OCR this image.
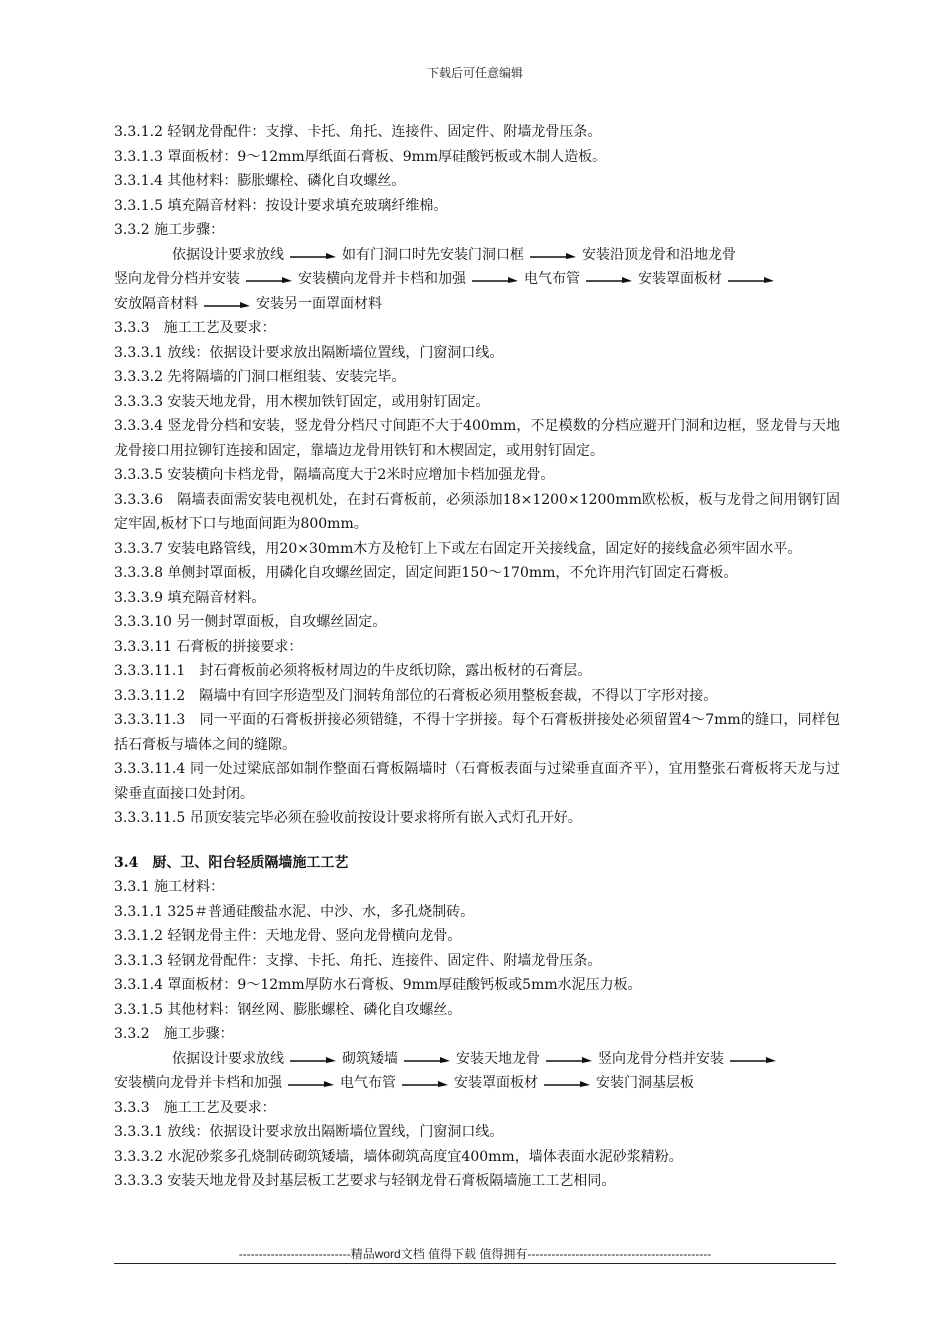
下载后可任意编辑
3.3.1.2 轻钢龙骨配件：支撑、卡托、角托、连接件、固定件、附墙龙骨压条。
3.3.1.3 罩面板材：9～12mm厚纸面石膏板、9mm厚硅酸钙板或木制人造板。
3.3.1.4 其他材料：膨胀螺栓、磷化自攻螺丝。
3.3.1.5 填充隔音材料：按设计要求填充玻璃纤维棉。
3.3.2 施工步骤：
依据设计要求放线	如有门洞口时先安装门洞口框	安装沿顶龙骨和沿地龙骨
竖向龙骨分档并安装	安装横向龙骨并卡档和加强	电气布管	安装罩面板材
安放隔音材料	安装另一面罩面材料
3.3.3　施工工艺及要求：
3.3.3.1 放线：依据设计要求放出隔断墙位置线，门窗洞口线。
3.3.3.2 先将隔墙的门洞口框组装、安装完毕。
3.3.3.3 安装天地龙骨，用木楔加铁钉固定，或用射钉固定。
3.3.3.4 竖龙骨分档和安装，竖龙骨分档尺寸间距不大于400mm，不足模数的分档应避开门洞和边框，竖龙骨与天地龙骨接口用拉铆钉连接和固定，靠墙边龙骨用铁钉和木楔固定，或用射钉固定。
3.3.3.5 安装横向卡档龙骨，隔墙高度大于2米时应增加卡档加强龙骨。
3.3.3.6　隔墙表面需安装电视机处，在封石膏板前，必须添加18×1200×1200mm欧松板，板与龙骨之间用钢钉固定牢固,板材下口与地面间距为800mm。
3.3.3.7 安装电路管线，用20×30mm木方及枪钉上下或左右固定开关接线盒，固定好的接线盒必须牢固水平。
3.3.3.8 单侧封罩面板，用磷化自攻螺丝固定，固定间距150～170mm，不允许用汽钉固定石膏板。
3.3.3.9 填充隔音材料。
3.3.3.10 另一侧封罩面板，自攻螺丝固定。
3.3.3.11 石膏板的拼接要求：
3.3.3.11.1　封石膏板前必须将板材周边的牛皮纸切除，露出板材的石膏层。
3.3.3.11.2　隔墙中有回字形造型及门洞转角部位的石膏板必须用整板套裁，不得以丁字形对接。
3.3.3.11.3　同一平面的石膏板拼接必须错缝，不得十字拼接。每个石膏板拼接处必须留置4～7mm的缝口，同样包括石膏板与墙体之间的缝隙。
3.3.3.11.4 同一处过梁底部如制作整面石膏板隔墙时（石膏板表面与过梁垂直面齐平），宜用整张石膏板将天龙与过梁垂直面接口处封闭。
3.3.3.11.5 吊顶安装完毕必须在验收前按设计要求将所有嵌入式灯孔开好。
3.4　厨、卫、阳台轻质隔墙施工工艺
3.3.1 施工材料：
3.3.1.1 325＃普通硅酸盐水泥、中沙、水，多孔烧制砖。
3.3.1.2 轻钢龙骨主件：天地龙骨、竖向龙骨横向龙骨。
3.3.1.3 轻钢龙骨配件：支撑、卡托、角托、连接件、固定件、附墙龙骨压条。
3.3.1.4 罩面板材：9～12mm厚防水石膏板、9mm厚硅酸钙板或5mm水泥压力板。
3.3.1.5 其他材料：钢丝网、膨胀螺栓、磷化自攻螺丝。
3.3.2　施工步骤：
依据设计要求放线	砌筑矮墙	安装天地龙骨	竖向龙骨分档并安装
安装横向龙骨并卡档和加强	电气布管	安装罩面板材	安装门洞基层板
3.3.3　施工工艺及要求：
3.3.3.1 放线：依据设计要求放出隔断墙位置线，门窗洞口线。
3.3.3.2 水泥砂浆多孔烧制砖砌筑矮墙，墙体砌筑高度宜400mm，墙体表面水泥砂浆精粉。
3.3.3.3 安装天地龙骨及封基层板工艺要求与轻钢龙骨石膏板隔墙施工工艺相同。
----------------------------精品word文档 值得下载 值得拥有----------------------------------------------
